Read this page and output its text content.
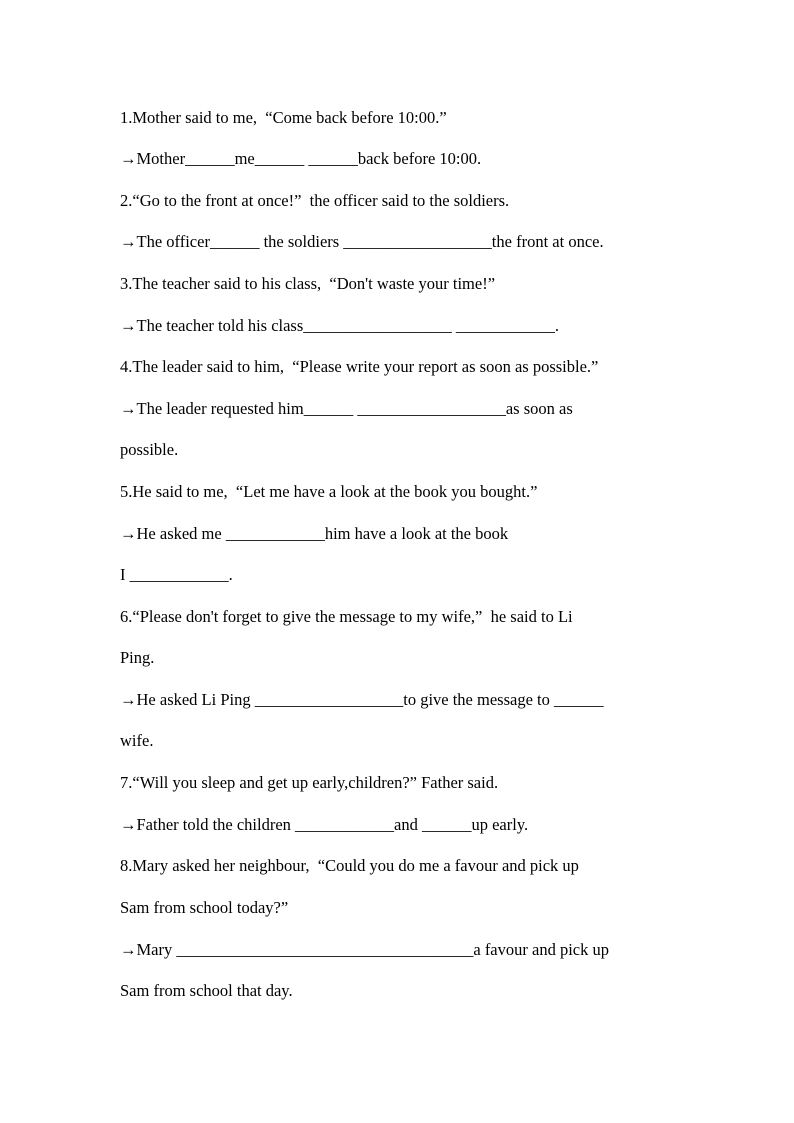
1.Mother said to me,  “Come back before 10:00.”
→Mother______me______ ______back before 10:00.
2.“Go to the front at once!”  the officer said to the soldiers.
→The officer______ the soldiers __________________the front at once.
3.The teacher said to his class,  “Don't waste your time!”
→The teacher told his class__________________ ____________.
4.The leader said to him,  “Please write your report as soon as possible.”
→The leader requested him______ __________________as soon as
possible.
5.He said to me,  “Let me have a look at the book you bought.”
→He asked me ____________him have a look at the book
I ____________.
6.“Please don't forget to give the message to my wife,”  he said to Li
Ping.
→He asked Li Ping __________________to give the message to ______
wife.
7.“Will you sleep and get up early,children?” Father said.
→Father told the children ____________and ______up early.
8.Mary asked her neighbour,  “Could you do me a favour and pick up
Sam from school today?”
→Mary ____________________________________a favour and pick up
Sam from school that day.
